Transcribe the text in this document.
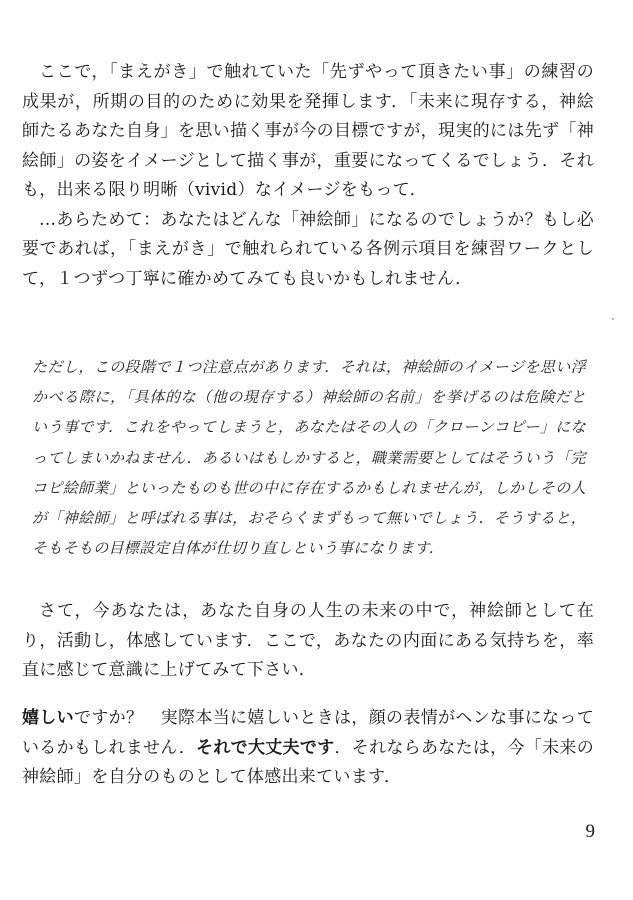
ここで，「まえがき」で触れていた「先ずやって頂きたい事」の練習の成果が，所期の目的のために効果を発揮します．「未来に現存する，神絵師たるあなた自身」を思い描く事が今の目標ですが，現実的には先ず「神絵師」の姿をイメージとして描く事が，重要になってくるでしょう．それも，出来る限り明晰（vivid）なイメージをもって．

…あらためて：あなたはどんな「神絵師」になるのでしょうか？もし必要であれば，「まえがき」で触れられている各例示項目を練習ワークとして，１つずつ丁寧に確かめてみても良いかもしれません．

ただし，この段階で１つ注意点があります．それは，神絵師のイメージを思い浮かべる際に，「具体的な（他の現存する）神絵師の名前」を挙げるのは危険だという事です．これをやってしまうと，あなたはその人の「クローンコピー」になってしまいかねません．あるいはもしかすると，職業需要としてはそういう「完コピ絵師業」といったものも世の中に存在するかもしれませんが，しかしその人が「神絵師」と呼ばれる事は，おそらくまずもって無いでしょう．そうすると，そもそもの目標設定自体が仕切り直しという事になります．

さて，今あなたは，あなた自身の人生の未来の中で，神絵師として在り，活動し，体感しています．ここで，あなたの内面にある気持ちを，率直に感じて意識に上げてみて下さい．

嬉しいですか？　実際本当に嬉しいときは，顔の表情がヘンな事になっているかもしれません．それで大丈夫です．それならあなたは，今「未来の神絵師」を自分のものとして体感出来ています．

9
